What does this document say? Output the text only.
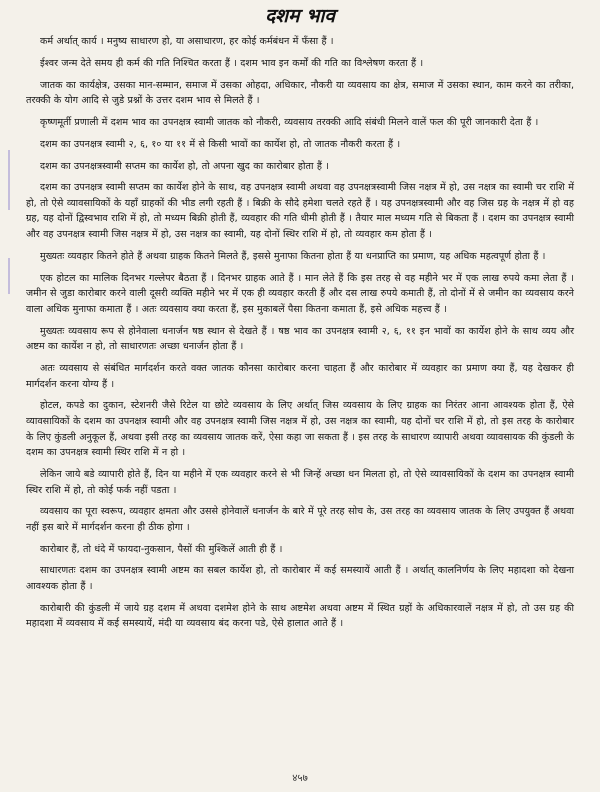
दशम भाव

कर्म अर्थात् कार्य । मनुष्य साधारण हो, या असाधारण, हर कोई कर्मबंधन में फँसा हैं ।

ईश्वर जन्म देते समय ही कर्म की गति निश्चित करता हैं । दशम भाव इन कर्मों की गति का विश्लेषण करता हैं ।

जातक का कार्यक्षेत्र, उसका मान-सम्मान, समाज में उसका ओहदा, अधिकार, नौकरी या व्यवसाय का क्षेत्र, समाज में उसका स्थान, काम करने का तरीका, तरक्की के योग आदि से जुडे प्रश्नों के उत्तर दशम भाव से मिलते हैं ।

कृष्णमूर्ती प्रणाली में दशम भाव का उपनक्षत्र स्वामी जातक को नौकरी, व्यवसाय तरक्की आदि संबंधी मिलने वालें फल की पूरी जानकारी देता हैं ।

दशम का उपनक्षत्र स्वामी २, ६, १० या ११ में से किसी भावों का कार्येश हो, तो जातक नौकरी करता हैं ।

दशम का उपनक्षत्रस्वामी सप्तम का कार्येश हो, तो अपना खुद का कारोबार होता हैं ।

दशम का उपनक्षत्र स्वामी सप्तम का कार्येश होने के साथ, वह उपनक्षत्र स्वामी अथवा वह उपनक्षत्रस्वामी जिस नक्षत्र में हो, उस नक्षत्र का स्वामी चर राशि में हो, तो ऐसे व्यावसायिकों के यहाँ ग्राहकों की भीड लगी रहती हैं । बिक्री के सौदे हमेशा चलते रहते हैं । यह उपनक्षत्रस्वामी और वह जिस ग्रह के नक्षत्र में हो वह ग्रह, यह दोनों द्विस्वभाव राशि में हो, तो मध्यम बिक्री होती हैं, व्यवहार की गति धीमी होती हैं । तैयार माल मध्यम गति से बिकता हैं । दशम का उपनक्षत्र स्वामी और वह उपनक्षत्र स्वामी जिस नक्षत्र में हो, उस नक्षत्र का स्वामी, यह दोनों स्थिर राशि में हो, तो व्यवहार कम होता हैं ।

मुख्यतः व्यवहार कितने होते हैं अथवा ग्राहक कितने मिलते हैं, इससे मुनाफा कितना होता हैं या धनप्राप्ति का प्रमाण, यह अधिक महत्वपूर्ण होता हैं ।

एक होटल का मालिक दिनभर गल्लेपर बैठता हैं । दिनभर ग्राहक आते हैं । मान लेते हैं कि इस तरह से वह महीने भर में एक लाख रुपये कमा लेता हैं । जमीन से जुडा कारोबार करने वाली दूसरी व्यक्ति महीने भर में एक ही व्यवहार करती हैं और दस लाख रुपये कमाती हैं, तो दोनों में से जमीन का व्यवसाय करने वाला अधिक मुनाफा कमाता हैं । अतः व्यवसाय क्या करता हैं, इस मुकाबलें पैसा कितना कमाता हैं, इसे अधिक महत्त्व हैं ।

मुख्यतः व्यवसाय रूप से होनेवाला धनार्जन षष्ठ स्थान से देखते हैं । षष्ठ भाव का उपनक्षत्र स्वामी २, ६, ११ इन भावों का कार्येश होने के साथ व्यय और अष्टम का कार्येश न हो, तो साधारणतः अच्छा धनार्जन होता हैं ।

अतः व्यवसाय से संबंधित मार्गदर्शन करते वक्त जातक कौनसा कारोबार करना चाहता हैं और कारोबार में व्यवहार का प्रमाण क्या हैं, यह देखकर ही मार्गदर्शन करना योग्य हैं ।

होटल, कपडे का दुकान, स्टेशनरी जैसे रिटेल या छोटे व्यवसाय के लिए अर्थात् जिस व्यवसाय के लिए ग्राहक का निरंतर आना आवश्यक होता हैं, ऐसे व्यावसायिकों के दशम का उपनक्षत्र स्वामी और वह उपनक्षत्र स्वामी जिस नक्षत्र में हो, उस नक्षत्र का स्वामी, यह दोनों चर राशि में हो, तो इस तरह के कारोबार के लिए कुंडली अनुकूल हैं, अथवा इसी तरह का व्यवसाय जातक करें, ऐसा कहा जा सकता हैं । इस तरह के साधारण व्यापारी अथवा व्यावसायक की कुंडली के दशम का उपनक्षत्र स्वामी स्थिर राशि में न हो ।

लेकिन जाये बडे व्यापारी होते हैं, दिन या महीने में एक व्यवहार करने से भी जिन्हें अच्छा धन मिलता हो, तो ऐसे व्यावसायिकों के दशम का उपनक्षत्र स्वामी स्थिर राशि में हो, तो कोई फर्क नहीं पडता ।

व्यवसाय का पूरा स्वरूप, व्यवहार क्षमता और उससे होनेवालें धनार्जन के बारे में पूरे तरह सोच के, उस तरह का व्यवसाय जातक के लिए उपयुक्त हैं अथवा नहीं इस बारे में मार्गदर्शन करना ही ठीक होगा ।

कारोबार हैं, तो धंदे में फायदा-नुकसान, पैसों की मुश्किलें आती ही हैं ।

साधारणतः दशम का उपनक्षत्र स्वामी अष्टम का सबल कार्येश हो, तो कारोबार में कई समस्यायें आती हैं । अर्थात् कालनिर्णय के लिए महादशा को देखना आवश्यक होता हैं ।

कारोबारी की कुंडली में जाये ग्रह दशम में अथवा दशमेश होने के साथ अष्टमेश अथवा अष्टम में स्थित ग्रहों के अधिकारवालें नक्षत्र में हो, तो उस ग्रह की महादशा में व्यवसाय में कई समस्यायें, मंदी या व्यवसाय बंद करना पडे, ऐसे हालात आते हैं ।

४५७
